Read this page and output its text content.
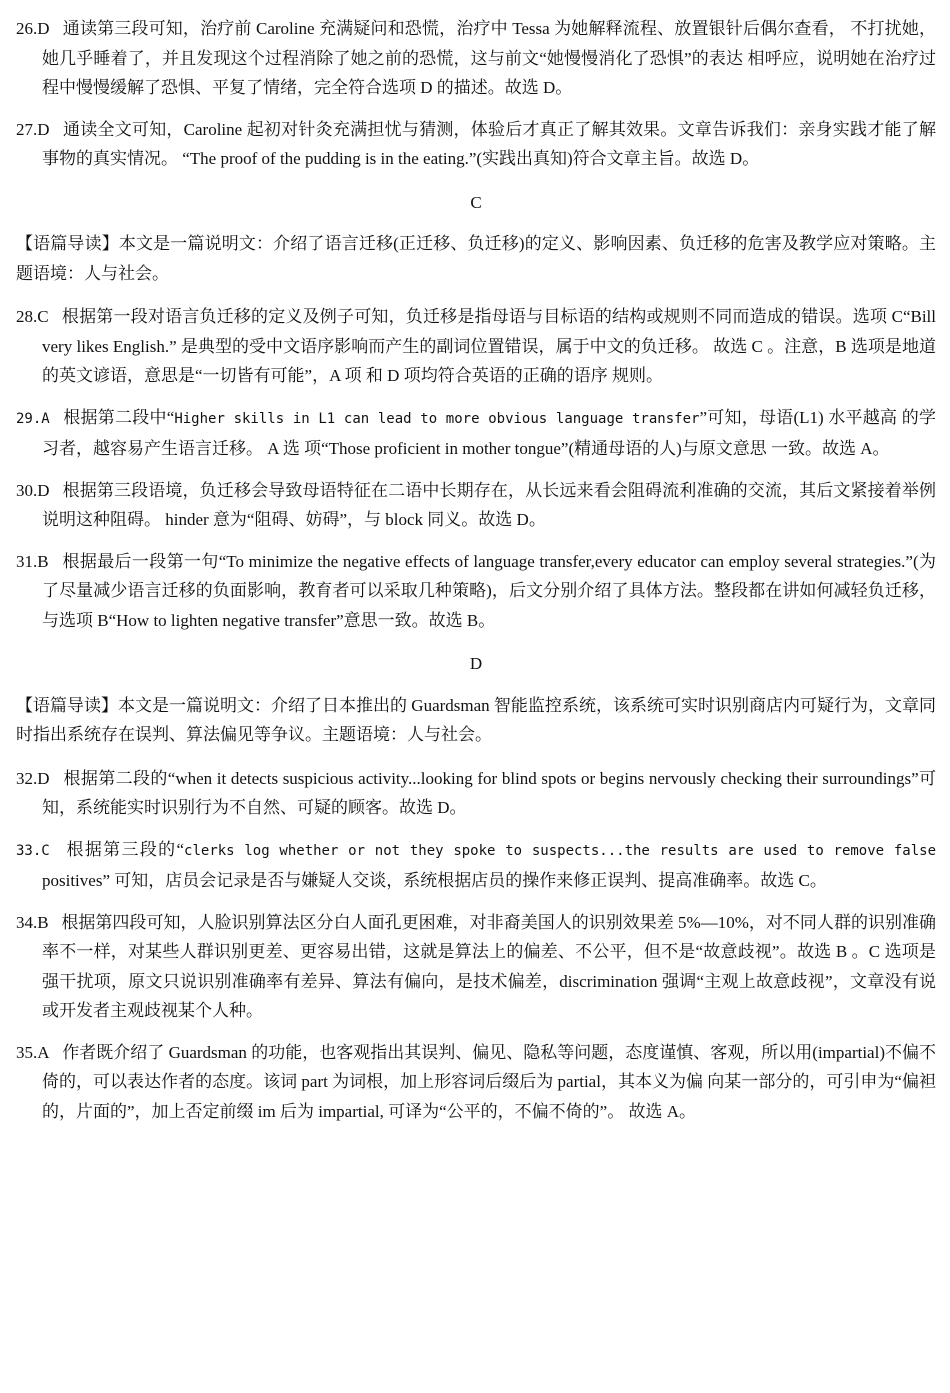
26.D 通读第三段可知，治疗前 Caroline 充满疑问和恐慌，治疗中 Tessa 为她解释流程、放置银针后偶尔查看， 不打扰她，她几乎睡着了，并且发现这个过程消除了她之前的恐慌，这与前文“她慢慢消化了恐惧”的表达 相呼应，说明她在治疗过程中慢慢缓解了恐惧、平复了情绪，完全符合选项 D 的描述。故选 D。

27.D 通读全文可知，Caroline 起初对针灸充满担忧与猜测，体验后才真正了解其效果。文章告诉我们：亲身实践才能了解事物的真实情况。 “The proof of the pudding is in the eating.”(实践出真知)符合文章主旨。故选 D。

C

【语篇导读】本文是一篇说明文：介绍了语言迁移(正迁移、负迁移)的定义、影响因素、负迁移的危害及教学应对策略。主题语境：人与社会。

28.C 根据第一段对语言负迁移的定义及例子可知，负迁移是指母语与目标语的结构或规则不同而造成的错误。选项 C“Bill very likes English.” 是典型的受中文语序影响而产生的副词位置错误，属于中文的负迁移。 故选 C 。注意，B 选项是地道的英文谚语，意思是“一切皆有可能”，A 项 和 D 项均符合英语的正确的语序 规则。

29.A 根据第二段中“Higher skills in L1 can lead to more obvious language transfer”可知，母语(L1) 水平越高 的学习者，越容易产生语言迁移。 A 选 项“Those proficient in mother tongue”(精通母语的人)与原文意思 一致。故选 A。

30.D 根据第三段语境，负迁移会导致母语特征在二语中长期存在，从长远来看会阻碍流利准确的交流，其后文紧接着举例说明这种阻碍。 hinder 意为“阻碍、妨碍”，与 block 同义。故选 D。

31.B 根据最后一段第一句“To minimize the negative effects of language transfer,every educator can employ several strategies.”(为了尽量减少语言迁移的负面影响，教育者可以采取几种策略)，后文分别介绍了具体方法。整段都在讲如何减轻负迁移，与选项 B“How to lighten negative transfer”意思一致。故选 B。

D

【语篇导读】本文是一篇说明文：介绍了日本推出的 Guardsman 智能监控系统，该系统可实时识别商店内可疑行为，文章同时指出系统存在误判、算法偏见等争议。主题语境：人与社会。

32.D 根据第二段的“when it detects suspicious activity...looking for blind spots or begins nervously checking their surroundings”可知，系统能实时识别行为不自然、可疑的顾客。故选 D。

33.C 根据第三段的“clerks log whether or not they spoke to suspects...the results are used to remove false positives” 可知，店员会记录是否与嫌疑人交谈，系统根据店员的操作来修正误判、提高准确率。故选 C。

34.B 根据第四段可知，人脸识别算法区分白人面孔更困难，对非裔美国人的识别效果差 5%—10%，对不同人群的识别准确率不一样，对某些人群识别更差、更容易出错，这就是算法上的偏差、不公平，但不是“故意歧视”。故选 B 。C 选项是强干扰项，原文只说识别准确率有差异、算法有偏向，是技术偏差，discrimination 强调“主观上故意歧视”，文章没有说 或开发者主观歧视某个人种。

35.A 作者既介绍了 Guardsman 的功能，也客观指出其误判、偏见、隐私等问题，态度谨慎、客观，所以用(impartial)不偏不倚的，可以表达作者的态度。该词 part 为词根，加上形容词后缀后为 partial，其本义为偏 向某一部分的，可引申为“偏袒的，片面的”，加上否定前缀 im 后为 impartial, 可译为“公平的，不偏不倚的”。 故选 A。
